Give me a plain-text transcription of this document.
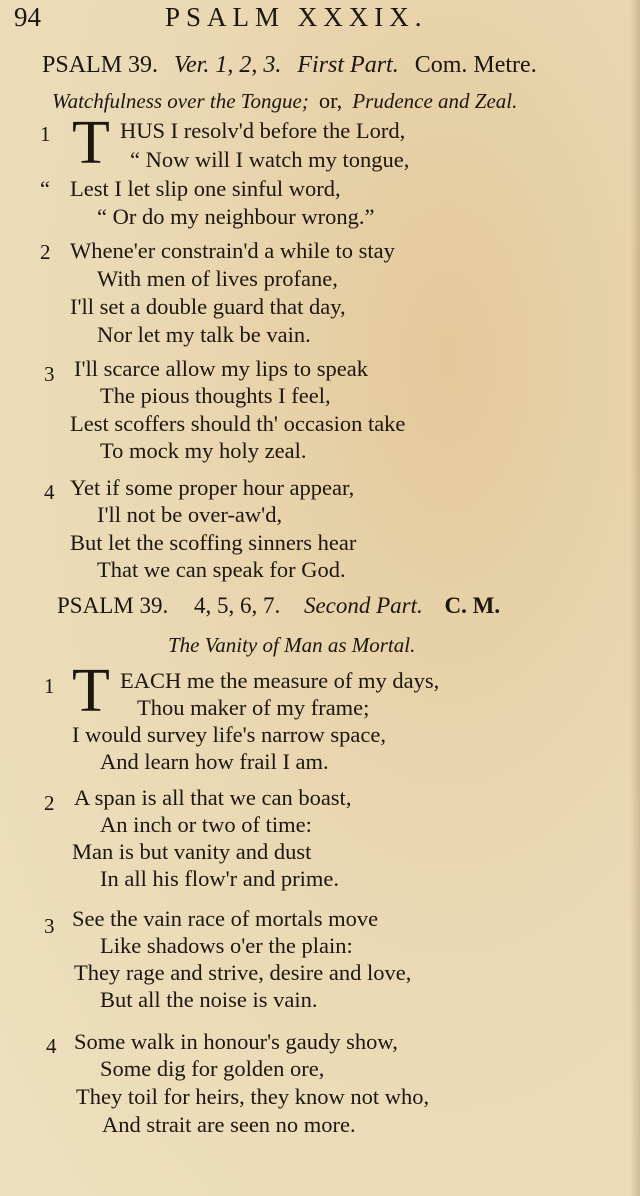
94	PSALM XXXIX.
PSALM 39. Ver. 1, 2, 3. First Part. Com. Metre.
Watchfulness over the Tongue; or, Prudence and Zeal.
1 T HUS I resolv'd before the Lord,
“ Now will I watch my tongue,
“ Lest I let slip one sinful word,
“ Or do my neighbour wrong.”
2 Whene'er constrain'd a while to stay
With men of lives profane,
I'll set a double guard that day,
Nor let my talk be vain.
3 I'll scarce allow my lips to speak
The pious thoughts I feel,
Lest scoffers should th' occasion take
To mock my holy zeal.
4 Yet if some proper hour appear,
I'll not be over-aw'd,
But let the scoffing sinners hear
That we can speak for God.
PSALM 39. 4, 5, 6, 7. Second Part. C. M.
The Vanity of Man as Mortal.
1 T EACH me the measure of my days,
Thou maker of my frame;
I would survey life's narrow space,
And learn how frail I am.
2 A span is all that we can boast,
An inch or two of time:
Man is but vanity and dust
In all his flow'r and prime.
3 See the vain race of mortals move
Like shadows o'er the plain:
They rage and strive, desire and love,
But all the noise is vain.
4 Some walk in honour's gaudy show,
Some dig for golden ore,
They toil for heirs, they know not who,
And strait are seen no more.
